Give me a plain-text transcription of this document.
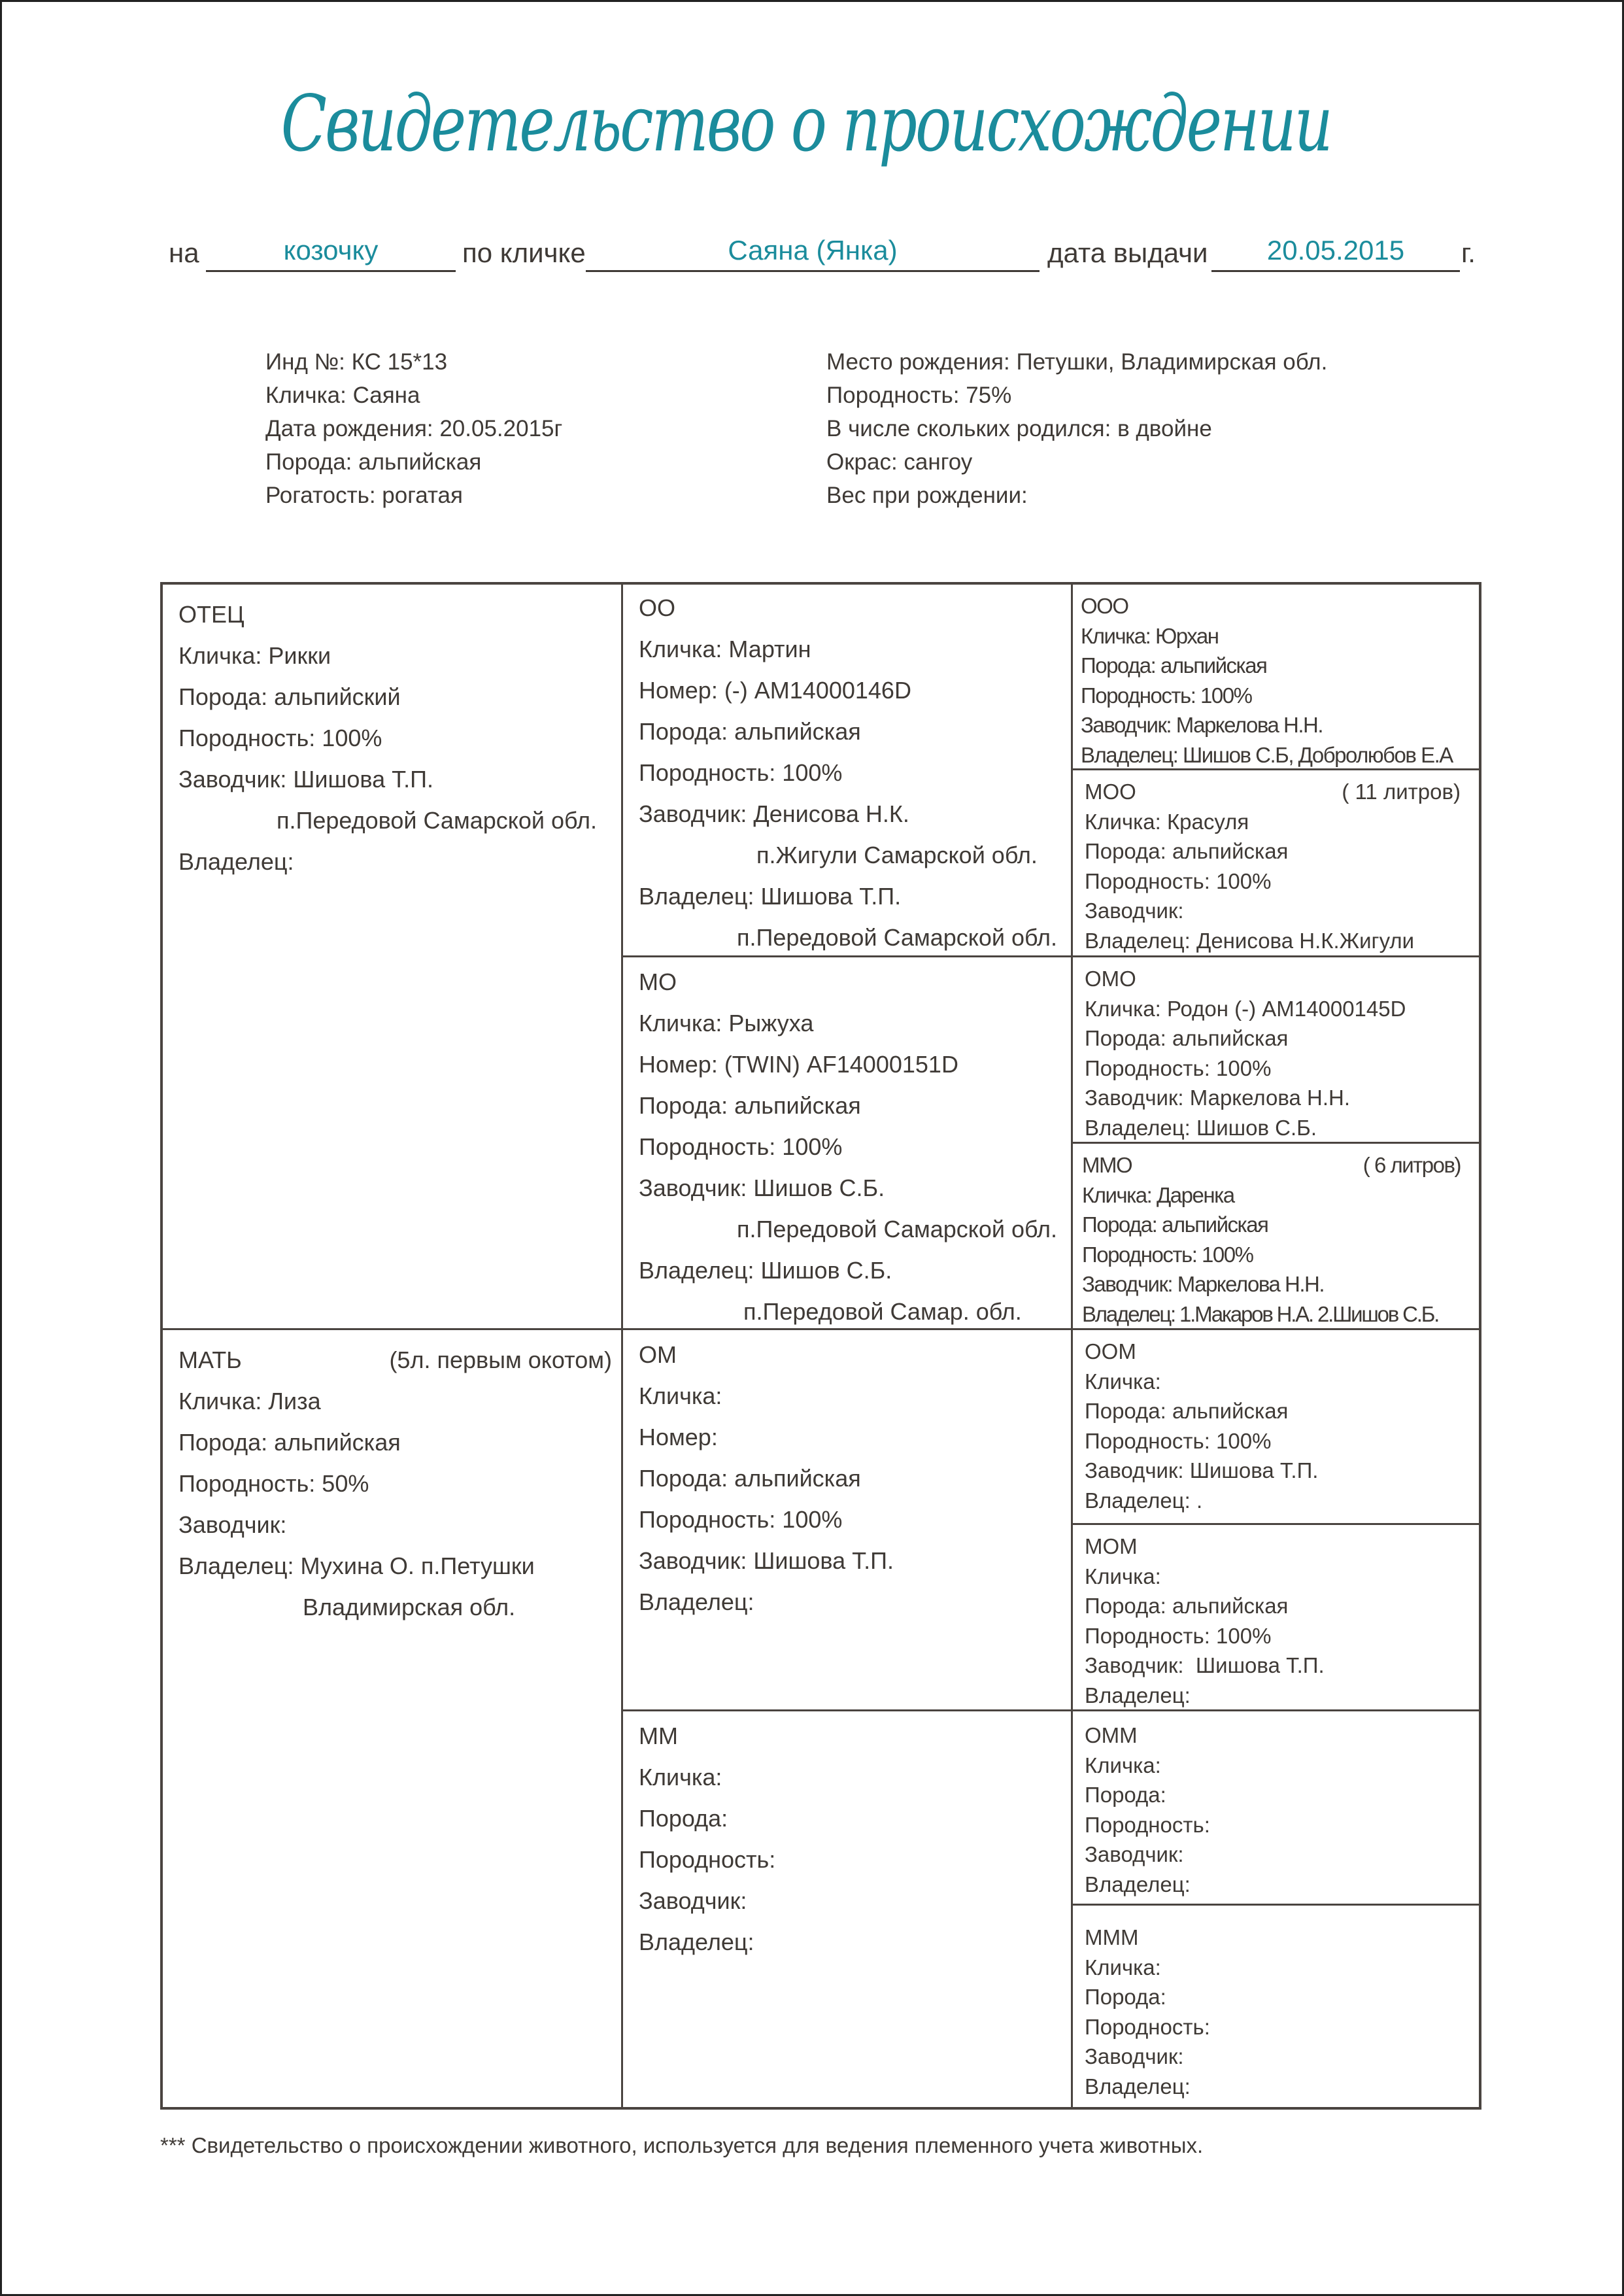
Свидетельство о происхождении
на	козочку	по кличке	Саяна (Янка)	дата выдачи	20.05.2015	г.
Инд №: КС 15*13
Кличка: Саяна
Дата рождения: 20.05.2015г
Порода: альпийская
Рогатость: рогатая
Место рождения: Петушки, Владимирская обл.
Породность: 75%
В числе скольких родился: в двойне
Окрас: сангоу
Вес при рождении:
ОТЕЦ
Кличка: Рикки
Порода: альпийский
Породность: 100%
Заводчик: Шишова Т.П.
п.Передовой Самарской обл.
Владелец:
МАТЬ	(5л. первым окотом)
Кличка: Лиза
Порода: альпийская
Породность: 50%
Заводчик:
Владелец: Мухина О. п.Петушки
Владимирская обл.
ОО
Кличка: Мартин
Номер: (-) AM14000146D
Порода: альпийская
Породность: 100%
Заводчик: Денисова Н.К.
п.Жигули Самарской обл.
Владелец: Шишова Т.П.
п.Передовой Самарской обл.
МО
Кличка: Рыжуха
Номер: (TWIN) AF14000151D
Порода: альпийская
Породность: 100%
Заводчик: Шишов С.Б.
п.Передовой Самарской обл.
Владелец: Шишов С.Б.
п.Передовой Самар. обл.
ОМ
Кличка:
Номер:
Порода: альпийская
Породность: 100%
Заводчик: Шишова Т.П.
Владелец:
ММ
Кличка:
Порода:
Породность:
Заводчик:
Владелец:
ООО
Кличка: Юрхан
Порода: альпийская
Породность: 100%
Заводчик: Маркелова Н.Н.
Владелец: Шишов С.Б, Добролюбов Е.А
МОО	( 11 литров)
Кличка: Красуля
Порода: альпийская
Породность: 100%
Заводчик:
Владелец: Денисова Н.К.Жигули
ОМО
Кличка: Родон (-) AM14000145D
Порода: альпийская
Породность: 100%
Заводчик: Маркелова Н.Н.
Владелец: Шишов С.Б.
ММО	( 6 литров)
Кличка: Даренка
Порода: альпийская
Породность: 100%
Заводчик: Маркелова Н.Н.
Владелец: 1.Макаров Н.А. 2.Шишов С.Б.
ООМ
Кличка:
Порода: альпийская
Породность: 100%
Заводчик: Шишова Т.П.
Владелец: .
МОМ
Кличка:
Порода: альпийская
Породность: 100%
Заводчик:  Шишова Т.П.
Владелец:
ОММ
Кличка:
Порода:
Породность:
Заводчик:
Владелец:
МММ
Кличка:
Порода:
Породность:
Заводчик:
Владелец:
*** Свидетельство о происхождении животного, используется для ведения племенного учета животных.
